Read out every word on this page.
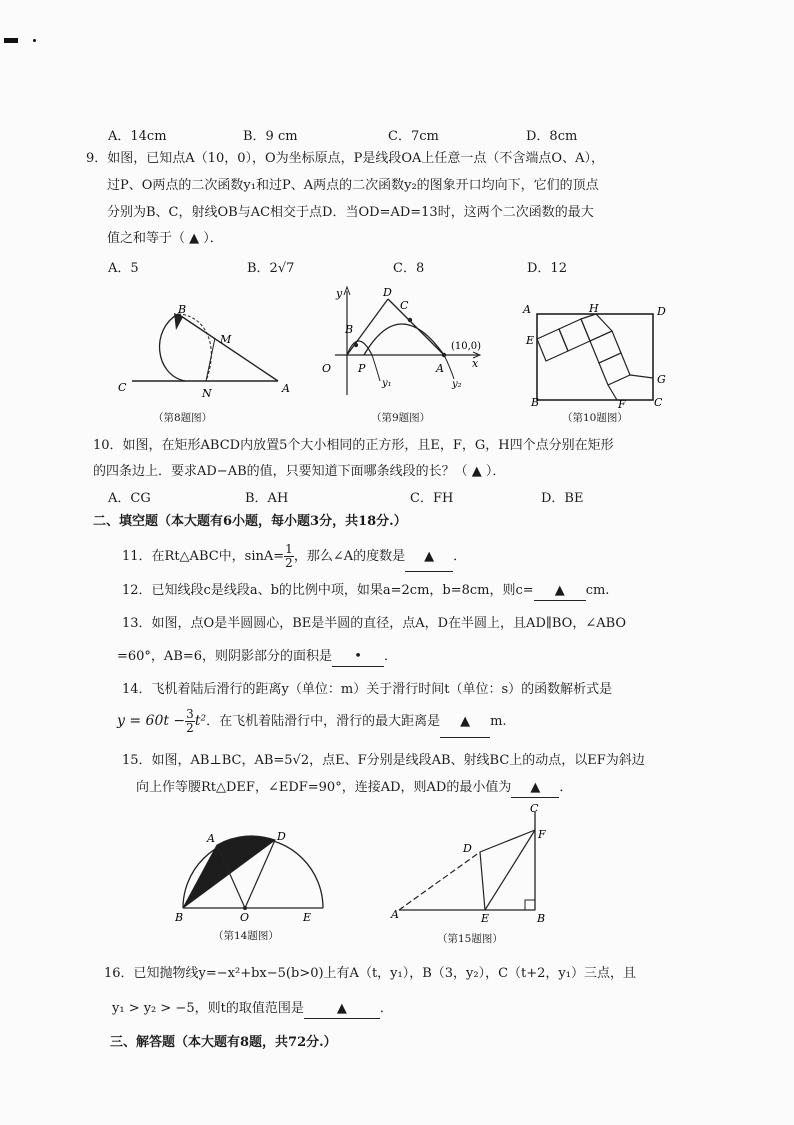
A．14cm	B．9 cm	C．7cm	D．8cm
9．如图，已知点A（10，0），O为坐标原点，P是线段OA上任意一点（不含端点O、A），
过P、O两点的二次函数y₁和过P、A两点的二次函数y₂的图象开口均向下，它们的顶点
分别为B、C，射线OB与AC相交于点D．当OD=AD=13时，这两个二次函数的最大
值之和等于（ ▲ ）．
A．5	B．2√7	C．8	D．12
B
M
C	N	A
（第8题图）
y	D
C
B
O P
y₁
A
y₂
x
(10,0)
（第9题图）
A	H	D
E
G
B	F	C
（第10题图）
10．如图，在矩形ABCD内放置5个大小相同的正方形，且E，F，G，H四个点分别在矩形
的四条边上．要求AD−AB的值，只要知道下面哪条线段的长？（ ▲ ）．
A．CG	B．AH	C．FH	D．BE
二、填空题（本大题有6小题，每小题3分，共18分.）
11．在Rt△ABC中，$\sin A= \frac{1}{2}$ ，那么∠A的度数是 ▲ ．
12．已知线段c是线段a、b的比例中项，如果a=2cm，b=8cm，则c= ▲ cm.
13．如图，点O是半圆圆心，BE是半圆的直径，点A，D在半圆上，且AD∥BO，∠ABO
=60°，AB=6，则阴影部分的面积是 • ．
14．飞机着陆后滑行的距离y（单位：m）关于滑行时间t（单位：s）的函数解析式是
$y = 60t - \frac{3}{2} t^2$．在飞机着陆滑行中，滑行的最大距离是 ▲ m.
15．如图，AB⊥BC，AB=5√2，点E、F分别是线段AB、射线BC上的动点，以EF为斜边
向上作等腰Rt△DEF，∠EDF=90°，连接AD，则AD的最小值为 ▲ ．
A	D
B	O	E
（第14题图）
C
F
D
A	E	B
（第15题图）
16．已知抛物线y=−x²+bx−5(b>0)上有A（t，y₁），B（3，y₂），C（t+2，y₁）三点，且
y₁ > y₂ > −5，则t的取值范围是	▲	．
三、解答题（本大题有8题，共72分.）
